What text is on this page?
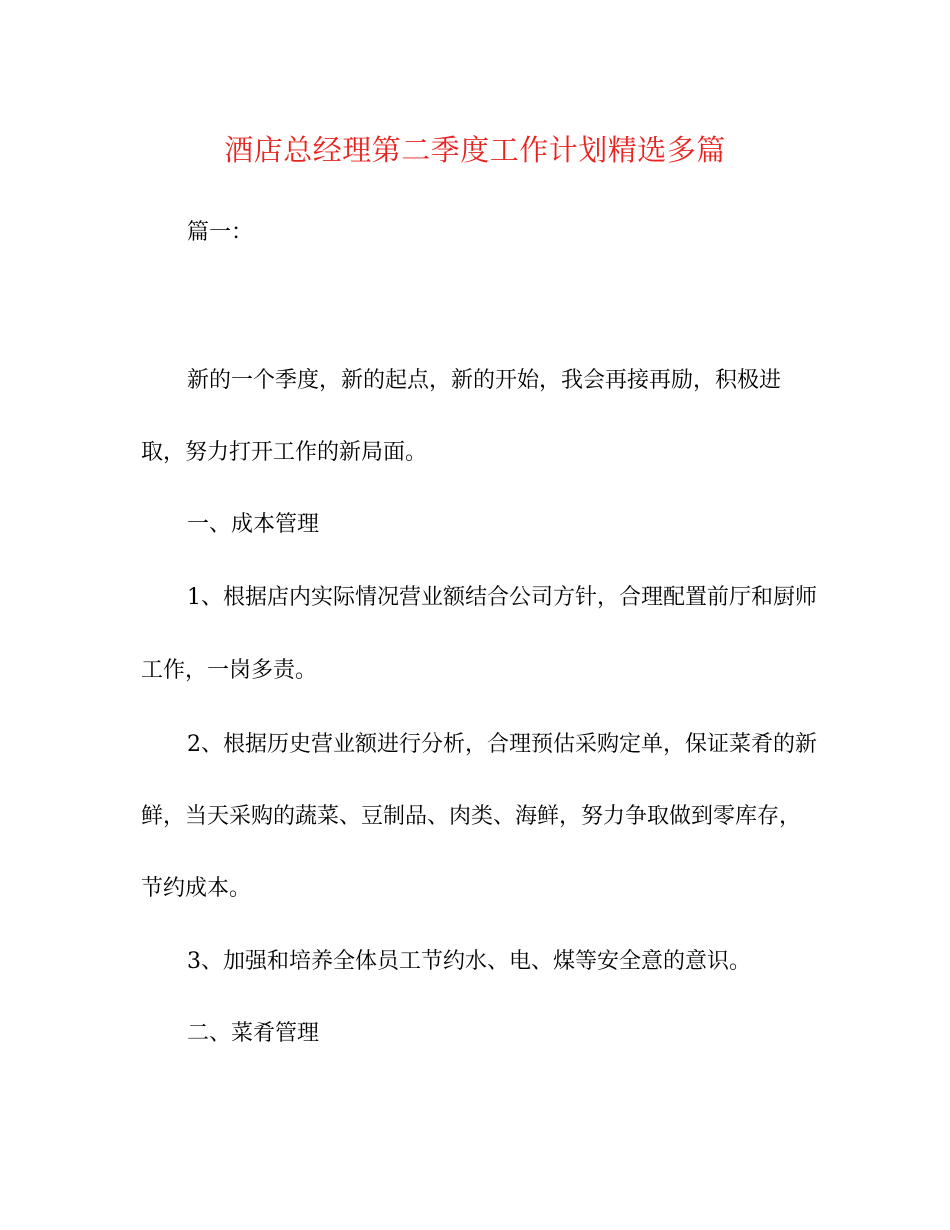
酒店总经理第二季度工作计划精选多篇
篇一：
新的一个季度，新的起点，新的开始，我会再接再励，积极进
取，努力打开工作的新局面。
一、成本管理
1、根据店内实际情况营业额结合公司方针，合理配置前厅和厨师
工作，一岗多责。
2、根据历史营业额进行分析，合理预估采购定单，保证菜肴的新
鲜，当天采购的蔬菜、豆制品、肉类、海鲜，努力争取做到零库存，
节约成本。
3、加强和培养全体员工节约水、电、煤等安全意的意识。
二、菜肴管理
